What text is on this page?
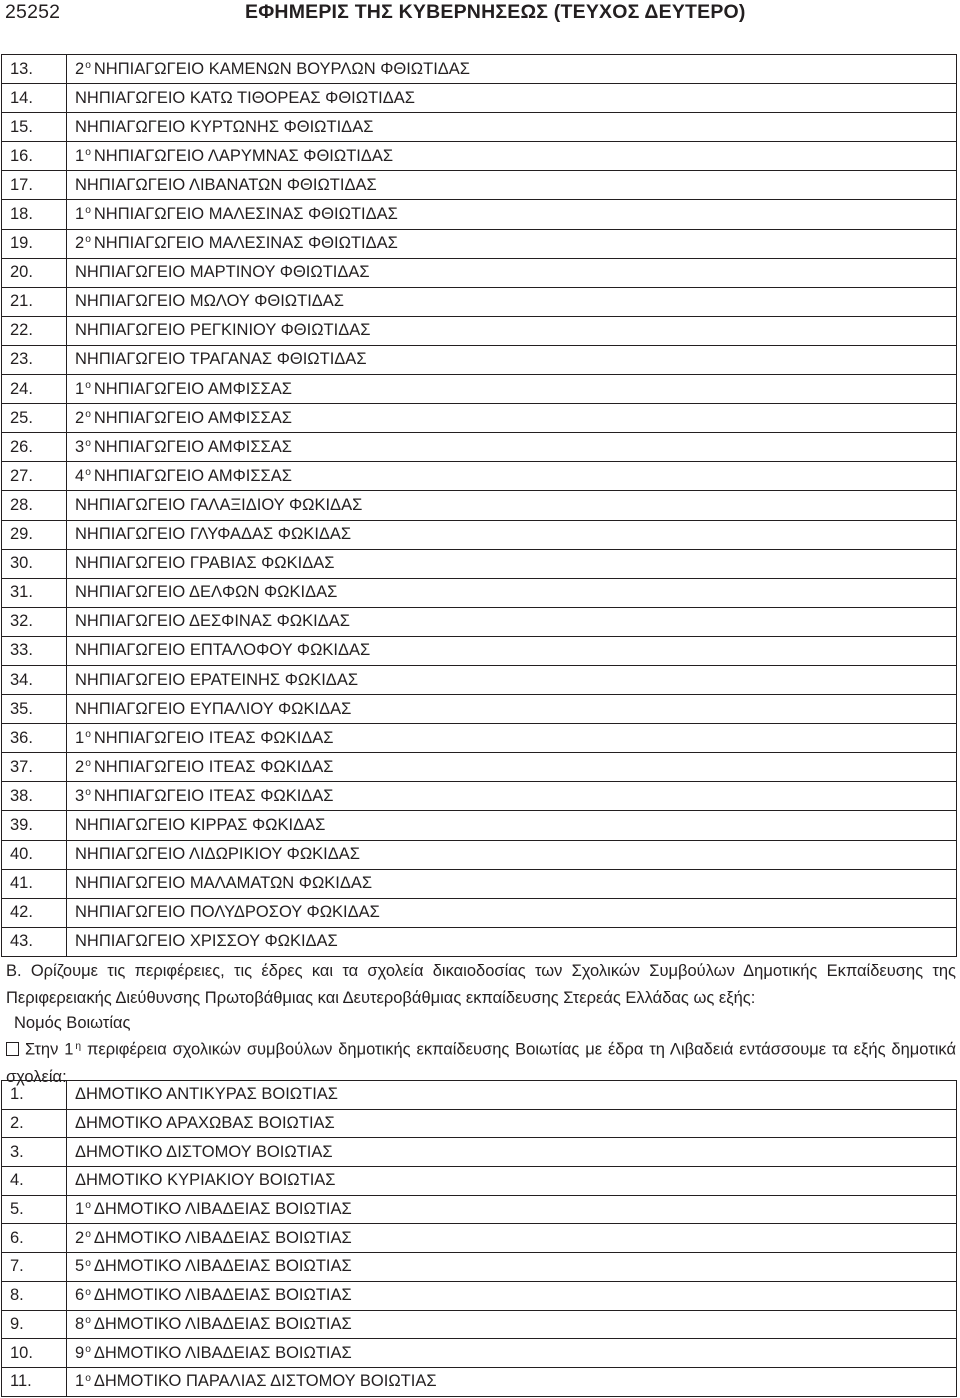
25252	ΕΦΗΜΕΡΙΣ ΤΗΣ ΚΥΒΕΡΝΗΣΕΩΣ (ΤΕΥΧΟΣ ΔΕΥΤΕΡΟ)
13.	$2^o$ ΝΗΠΙΑΓΩΓΕΙΟ ΚΑΜΕΝΩΝ ΒΟΥΡΛΩΝ ΦΘΙΩΤΙΔΑΣ
14.	ΝΗΠΙΑΓΩΓΕΙΟ ΚΑΤΩ ΤΙΘΟΡΕΑΣ ΦΘΙΩΤΙΔΑΣ
15.	ΝΗΠΙΑΓΩΓΕΙΟ ΚΥΡΤΩΝΗΣ ΦΘΙΩΤΙΔΑΣ
16.	$1^o$ ΝΗΠΙΑΓΩΓΕΙΟ ΛΑΡΥΜΝΑΣ ΦΘΙΩΤΙΔΑΣ
17.	ΝΗΠΙΑΓΩΓΕΙΟ ΛΙΒΑΝΑΤΩΝ ΦΘΙΩΤΙΔΑΣ
18.	$1^o$ ΝΗΠΙΑΓΩΓΕΙΟ ΜΑΛΕΣΙΝΑΣ ΦΘΙΩΤΙΔΑΣ
19.	$2^o$ ΝΗΠΙΑΓΩΓΕΙΟ ΜΑΛΕΣΙΝΑΣ ΦΘΙΩΤΙΔΑΣ
20.	ΝΗΠΙΑΓΩΓΕΙΟ ΜΑΡΤΙΝΟΥ ΦΘΙΩΤΙΔΑΣ
21.	ΝΗΠΙΑΓΩΓΕΙΟ ΜΩΛΟΥ ΦΘΙΩΤΙΔΑΣ
22.	ΝΗΠΙΑΓΩΓΕΙΟ ΡΕΓΚΙΝΙΟΥ ΦΘΙΩΤΙΔΑΣ
23.	ΝΗΠΙΑΓΩΓΕΙΟ ΤΡΑΓΑΝΑΣ ΦΘΙΩΤΙΔΑΣ
24.	$1^o$ ΝΗΠΙΑΓΩΓΕΙΟ ΑΜΦΙΣΣΑΣ
25.	$2^o$ ΝΗΠΙΑΓΩΓΕΙΟ ΑΜΦΙΣΣΑΣ
26.	$3^o$ ΝΗΠΙΑΓΩΓΕΙΟ ΑΜΦΙΣΣΑΣ
27.	$4^o$ ΝΗΠΙΑΓΩΓΕΙΟ ΑΜΦΙΣΣΑΣ
28.	ΝΗΠΙΑΓΩΓΕΙΟ ΓΑΛΑΞΙΔΙΟΥ ΦΩΚΙΔΑΣ
29.	ΝΗΠΙΑΓΩΓΕΙΟ ΓΛΥΦΑΔΑΣ ΦΩΚΙΔΑΣ
30.	ΝΗΠΙΑΓΩΓΕΙΟ ΓΡΑΒΙΑΣ ΦΩΚΙΔΑΣ
31.	ΝΗΠΙΑΓΩΓΕΙΟ ΔΕΛΦΩΝ ΦΩΚΙΔΑΣ
32.	ΝΗΠΙΑΓΩΓΕΙΟ ΔΕΣΦΙΝΑΣ ΦΩΚΙΔΑΣ
33.	ΝΗΠΙΑΓΩΓΕΙΟ ΕΠΤΑΛΟΦΟΥ ΦΩΚΙΔΑΣ
34.	ΝΗΠΙΑΓΩΓΕΙΟ ΕΡΑΤΕΙΝΗΣ ΦΩΚΙΔΑΣ
35.	ΝΗΠΙΑΓΩΓΕΙΟ ΕΥΠΑΛΙΟΥ ΦΩΚΙΔΑΣ
36.	$1^o$ ΝΗΠΙΑΓΩΓΕΙΟ ΙΤΕΑΣ ΦΩΚΙΔΑΣ
37.	$2^o$ ΝΗΠΙΑΓΩΓΕΙΟ ΙΤΕΑΣ ΦΩΚΙΔΑΣ
38.	$3^o$ ΝΗΠΙΑΓΩΓΕΙΟ ΙΤΕΑΣ ΦΩΚΙΔΑΣ
39.	ΝΗΠΙΑΓΩΓΕΙΟ ΚΙΡΡΑΣ ΦΩΚΙΔΑΣ
40.	ΝΗΠΙΑΓΩΓΕΙΟ ΛΙΔΩΡΙΚΙΟΥ ΦΩΚΙΔΑΣ
41.	ΝΗΠΙΑΓΩΓΕΙΟ ΜΑΛΑΜΑΤΩΝ ΦΩΚΙΔΑΣ
42.	ΝΗΠΙΑΓΩΓΕΙΟ ΠΟΛΥΔΡΟΣΟΥ ΦΩΚΙΔΑΣ
43.	ΝΗΠΙΑΓΩΓΕΙΟ ΧΡΙΣΣΟΥ ΦΩΚΙΔΑΣ
Β. Ορίζουμε τις περιφέρειες, τις έδρες και τα σχολεία δικαιοδοσίας των Σχολικών Συμβούλων Δημοτικής Εκπαίδευσης της Περιφερειακής Διεύθυνσης Πρωτοβάθμιας και Δευτεροβάθμιας εκπαίδευσης Στερεάς Ελλάδας ως εξής:
Νομός Βοιωτίας
Στην 1 $^\eta$ περιφέρεια σχολικών συμβούλων δημοτικής εκπαίδευσης Βοιωτίας με έδρα τη Λιβαδειά εντάσσουμε τα εξής δημοτικά σχολεία:
1.	ΔΗΜΟΤΙΚΟ ΑΝΤΙΚΥΡΑΣ ΒΟΙΩΤΙΑΣ
2.	ΔΗΜΟΤΙΚΟ ΑΡΑΧΩΒΑΣ ΒΟΙΩΤΙΑΣ
3.	ΔΗΜΟΤΙΚΟ ΔΙΣΤΟΜΟΥ ΒΟΙΩΤΙΑΣ
4.	ΔΗΜΟΤΙΚΟ ΚΥΡΙΑΚΙΟΥ ΒΟΙΩΤΙΑΣ
5.	$1^o$ ΔΗΜΟΤΙΚΟ ΛΙΒΑΔΕΙΑΣ ΒΟΙΩΤΙΑΣ
6.	$2^o$ ΔΗΜΟΤΙΚΟ ΛΙΒΑΔΕΙΑΣ ΒΟΙΩΤΙΑΣ
7.	$5^o$ ΔΗΜΟΤΙΚΟ ΛΙΒΑΔΕΙΑΣ ΒΟΙΩΤΙΑΣ
8.	$6^o$ ΔΗΜΟΤΙΚΟ ΛΙΒΑΔΕΙΑΣ ΒΟΙΩΤΙΑΣ
9.	$8^o$ ΔΗΜΟΤΙΚΟ ΛΙΒΑΔΕΙΑΣ ΒΟΙΩΤΙΑΣ
10.	$9^o$ ΔΗΜΟΤΙΚΟ ΛΙΒΑΔΕΙΑΣ ΒΟΙΩΤΙΑΣ
11.	$1^o$ ΔΗΜΟΤΙΚΟ ΠΑΡΑΛΙΑΣ ΔΙΣΤΟΜΟΥ ΒΟΙΩΤΙΑΣ
